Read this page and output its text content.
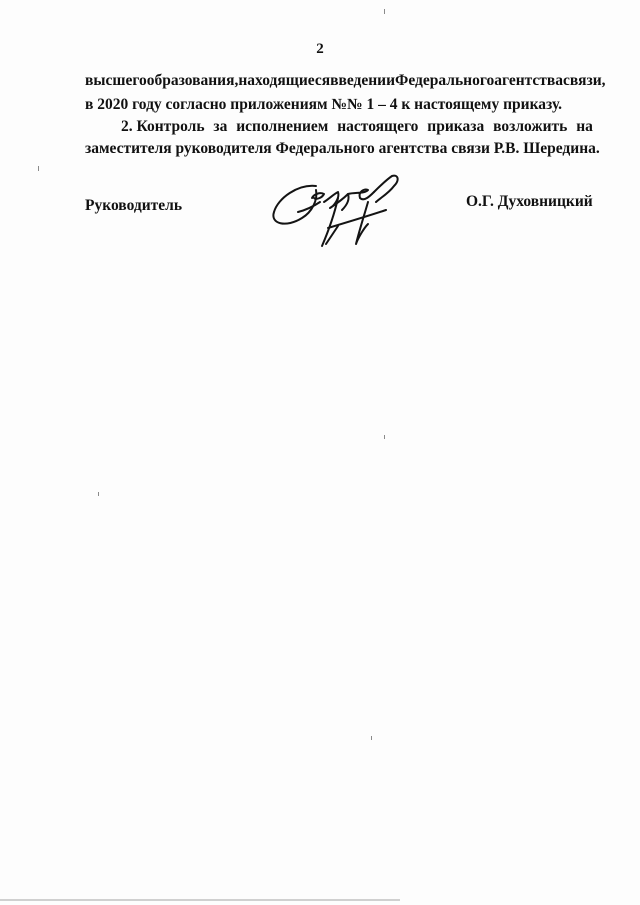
2
высшего образования, находящиеся в ведении Федерального агентства связи,
в 2020 году согласно приложениям №№ 1 – 4 к настоящему приказу.
2. Контроль за исполнением настоящего приказа возложить на
заместителя руководителя Федерального агентства связи Р.В. Шередина.
Руководитель	О.Г. Духовницкий
